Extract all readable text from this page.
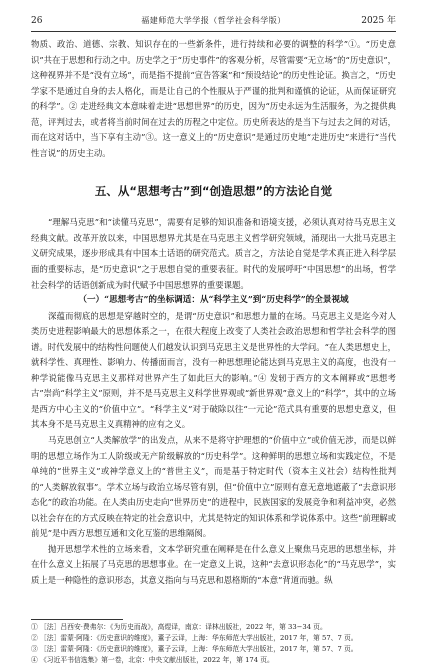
26	福建师范大学学报（哲学社会科学版）	2025 年

物质、政治、道德、宗教、知识存在的一些新条件，进行持续和必要的调整的科学”①。“历史意识”共在于思想和行动之中。历史学之于“历史事件”的客观分析，尽管需要“无立场”的“历史意识”，这种视界并不是“没有立场”，而是指不提前“宣告答案”和“预设结论”的历史性论证。换言之，“历史学家不是通过自身的去人格化，而是让自己的个性服从于严谨的批判和谨慎的论证，从而保证研究的科学”。② 走进经典文本意味着走进“思想世界”的历史，因为“历史永远为生活服务，为之提供典范，评判过去，或者将当前时间在过去的历程之中定位。历史所表达的是当下与过去之间的对话，而在这对话中，当下享有主动”③。这一意义上的“历史意识”是通过历史地“走进历史”来进行“当代性言说”的历史主动。

五、从“思想考古”到“创造思想”的方法论自觉

“理解马克思”和“读懂马克思”，需要有足够的知识准备和语境支援，必须认真对待马克思主义经典文献。改革开放以来，中国思想界尤其是在马克思主义哲学研究领域，涌现出一大批马克思主义研究成果，逐步形成具有中国本土话语的研究范式。质言之，方法论自觉是学术真正进入科学层面的重要标志，是“历史意识”之于思想自觉的重要表征。时代的发展呼吁“中国思想”的出场，哲学社会科学的话语创新成为时代赋予中国思想界的重要课题。

（一）“思想考古”的坐标调适：从“科学主义”到“历史科学”的全景视域

深蕴而彻底的思想是穿越时空的，是谓“历史意识”和思想力量的在场。马克思主义是迄今对人类历史进程影响最大的思想体系之一，在很大程度上改变了人类社会政治思想和哲学社会科学的图谱。时代发展中的结构性问题使人们越发认识到马克思主义是世界性的大学问。“在人类思想史上，就科学性、真理性、影响力、传播面而言，没有一种思想理论能达到马克思主义的高度，也没有一种学说能像马克思主义那样对世界产生了如此巨大的影响。”④ 发轫于西方的文本阐释或“思想考古”崇尚“科学主义”原则，并不是马克思主义科学世界观或“新世界观”意义上的“科学”，其中的立场是西方中心主义的“价值中立”。“科学主义”对于破除以往“一元论”范式具有重要的思想史意义，但其本身不是马克思主义真精神的应有之义。

马克思创立“人类解放学”的出发点，从来不是将守护理想的“价值中立”或价值无涉，而是以鲜明的思想立场作为工人阶级或无产阶级解放的“历史科学”。这种鲜明的思想立场和实践定位，不是单纯的“世界主义”或神学意义上的“普世主义”，而是基于特定时代（资本主义社会）结构性批判的“人类解放叙事”。学术立场与政治立场尽管有别，但“价值中立”原则有意无意地遮蔽了“去意识形态化”的政治功能。在人类由历史走向“世界历史”的进程中，民族国家的发展竞争和利益冲突，必然以社会存在的方式反映在特定的社会意识中，尤其是特定的知识体系和学说体系中。这些“前理解或前见”是中西方思想互通和文化互鉴的思维隔阂。

抛开思想学术性的立场来看，文本学研究重在阐释是在什么意义上聚焦马克思的思想坐标，并在什么意义上拓展了马克思的思想事业。在一定意义上说，这种“去意识形态化”的“马克思学”，实质上是一种隐性的意识形态，其意义指向与马克思和恩格斯的“本意”背道而驰。纵

① ［法］吕西安·费弗尔：《为历史而战》，高煜译，南京：译林出版社，2022 年，第 33−34 页。
② ［法］雷蒙·阿隆：《历史意识的维度》，董子云译，上海：华东师范大学出版社，2017 年，第 57、7 页。
③ ［法］雷蒙·阿隆：《历史意识的维度》，董子云译，上海：华东师范大学出版社，2017 年，第 57、7 页。
④ 《习近平书信选集》第一卷，北京：中央文献出版社，2022 年，第 174 页。
